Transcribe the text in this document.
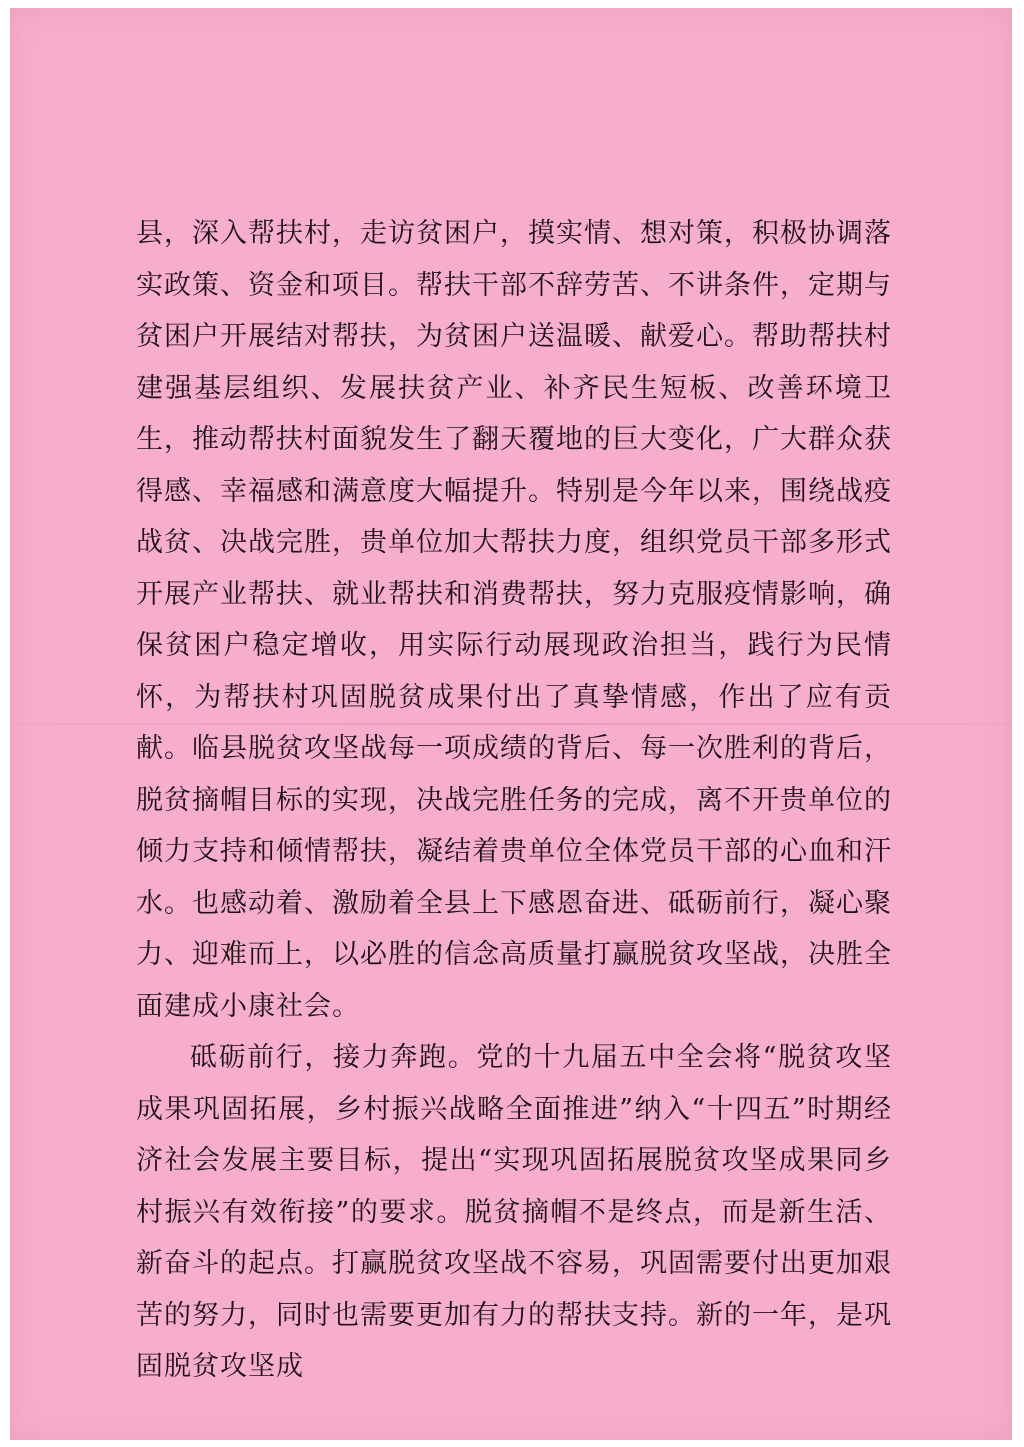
县，深入帮扶村，走访贫困户，摸实情、想对策，积极协调落实政策、资金和项目。帮扶干部不辞劳苦、不讲条件，定期与贫困户开展结对帮扶，为贫困户送温暖、献爱心。帮助帮扶村建强基层组织、发展扶贫产业、补齐民生短板、改善环境卫生，推动帮扶村面貌发生了翻天覆地的巨大变化，广大群众获得感、幸福感和满意度大幅提升。特别是今年以来，围绕战疫战贫、决战完胜，贵单位加大帮扶力度，组织党员干部多形式开展产业帮扶、就业帮扶和消费帮扶，努力克服疫情影响，确保贫困户稳定增收，用实际行动展现政治担当，践行为民情怀，为帮扶村巩固脱贫成果付出了真挚情感，作出了应有贡献。临县脱贫攻坚战每一项成绩的背后、每一次胜利的背后，脱贫摘帽目标的实现，决战完胜任务的完成，离不开贵单位的倾力支持和倾情帮扶，凝结着贵单位全体党员干部的心血和汗水。也感动着、激励着全县上下感恩奋进、砥砺前行，凝心聚力、迎难而上，以必胜的信念高质量打赢脱贫攻坚战，决胜全面建成小康社会。

砥砺前行，接力奔跑。党的十九届五中全会将“脱贫攻坚成果巩固拓展，乡村振兴战略全面推进”纳入“十四五”时期经济社会发展主要目标，提出“实现巩固拓展脱贫攻坚成果同乡村振兴有效衔接”的要求。脱贫摘帽不是终点，而是新生活、新奋斗的起点。打赢脱贫攻坚战不容易，巩固需要付出更加艰苦的努力，同时也需要更加有力的帮扶支持。新的一年，是巩固脱贫攻坚成
